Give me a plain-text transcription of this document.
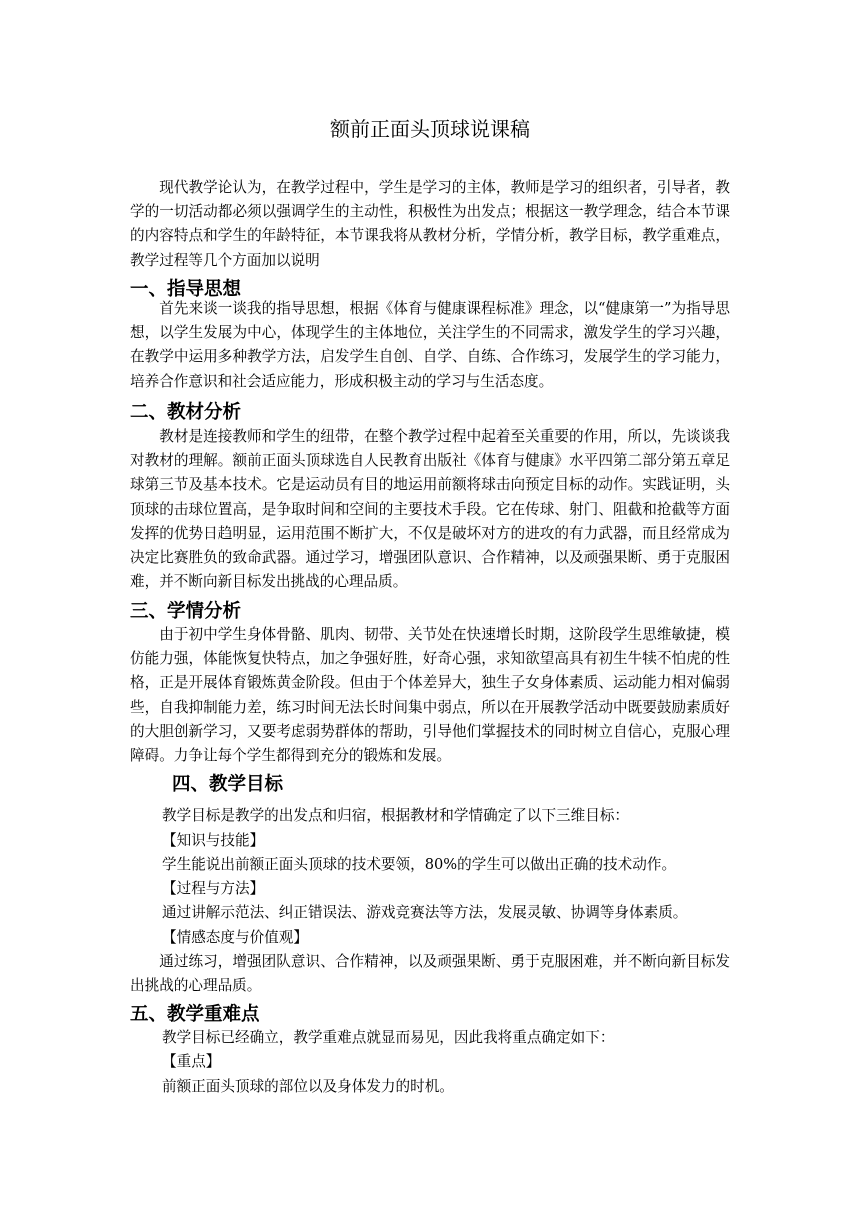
额前正面头顶球说课稿

现代教学论认为，在教学过程中，学生是学习的主体，教师是学习的组织者，引导者，教学的一切活动都必须以强调学生的主动性，积极性为出发点；根据这一教学理念，结合本节课的内容特点和学生的年龄特征，本节课我将从教材分析，学情分析，教学目标，教学重难点，教学过程等几个方面加以说明

一、指导思想

首先来谈一谈我的指导思想，根据《体育与健康课程标准》理念，以“健康第一”为指导思想，以学生发展为中心，体现学生的主体地位，关注学生的不同需求，激发学生的学习兴趣，在教学中运用多种教学方法，启发学生自创、自学、自练、合作练习，发展学生的学习能力，培养合作意识和社会适应能力，形成积极主动的学习与生活态度。

二、教材分析

教材是连接教师和学生的纽带，在整个教学过程中起着至关重要的作用，所以，先谈谈我对教材的理解。额前正面头顶球选自人民教育出版社《体育与健康》水平四第二部分第五章足球第三节及基本技术。它是运动员有目的地运用前额将球击向预定目标的动作。实践证明，头顶球的击球位置高，是争取时间和空间的主要技术手段。它在传球、射门、阻截和抢截等方面发挥的优势日趋明显，运用范围不断扩大，不仅是破坏对方的进攻的有力武器，而且经常成为决定比赛胜负的致命武器。通过学习，增强团队意识、合作精神，以及顽强果断、勇于克服困难，并不断向新目标发出挑战的心理品质。

三、学情分析

由于初中学生身体骨骼、肌肉、韧带、关节处在快速增长时期，这阶段学生思维敏捷，模仿能力强，体能恢复快特点，加之争强好胜，好奇心强，求知欲望高具有初生牛犊不怕虎的性格，正是开展体育锻炼黄金阶段。但由于个体差异大，独生子女身体素质、运动能力相对偏弱些，自我抑制能力差，练习时间无法长时间集中弱点，所以在开展教学活动中既要鼓励素质好的大胆创新学习，又要考虑弱势群体的帮助，引导他们掌握技术的同时树立自信心，克服心理障碍。力争让每个学生都得到充分的锻炼和发展。

四、教学目标
教学目标是教学的出发点和归宿，根据教材和学情确定了以下三维目标：
【知识与技能】
学生能说出前额正面头顶球的技术要领，80%的学生可以做出正确的技术动作。
【过程与方法】
通过讲解示范法、纠正错误法、游戏竞赛法等方法，发展灵敏、协调等身体素质。
【情感态度与价值观】

通过练习，增强团队意识、合作精神，以及顽强果断、勇于克服困难，并不断向新目标发出挑战的心理品质。

五、教学重难点
教学目标已经确立，教学重难点就显而易见，因此我将重点确定如下：
【重点】
前额正面头顶球的部位以及身体发力的时机。
